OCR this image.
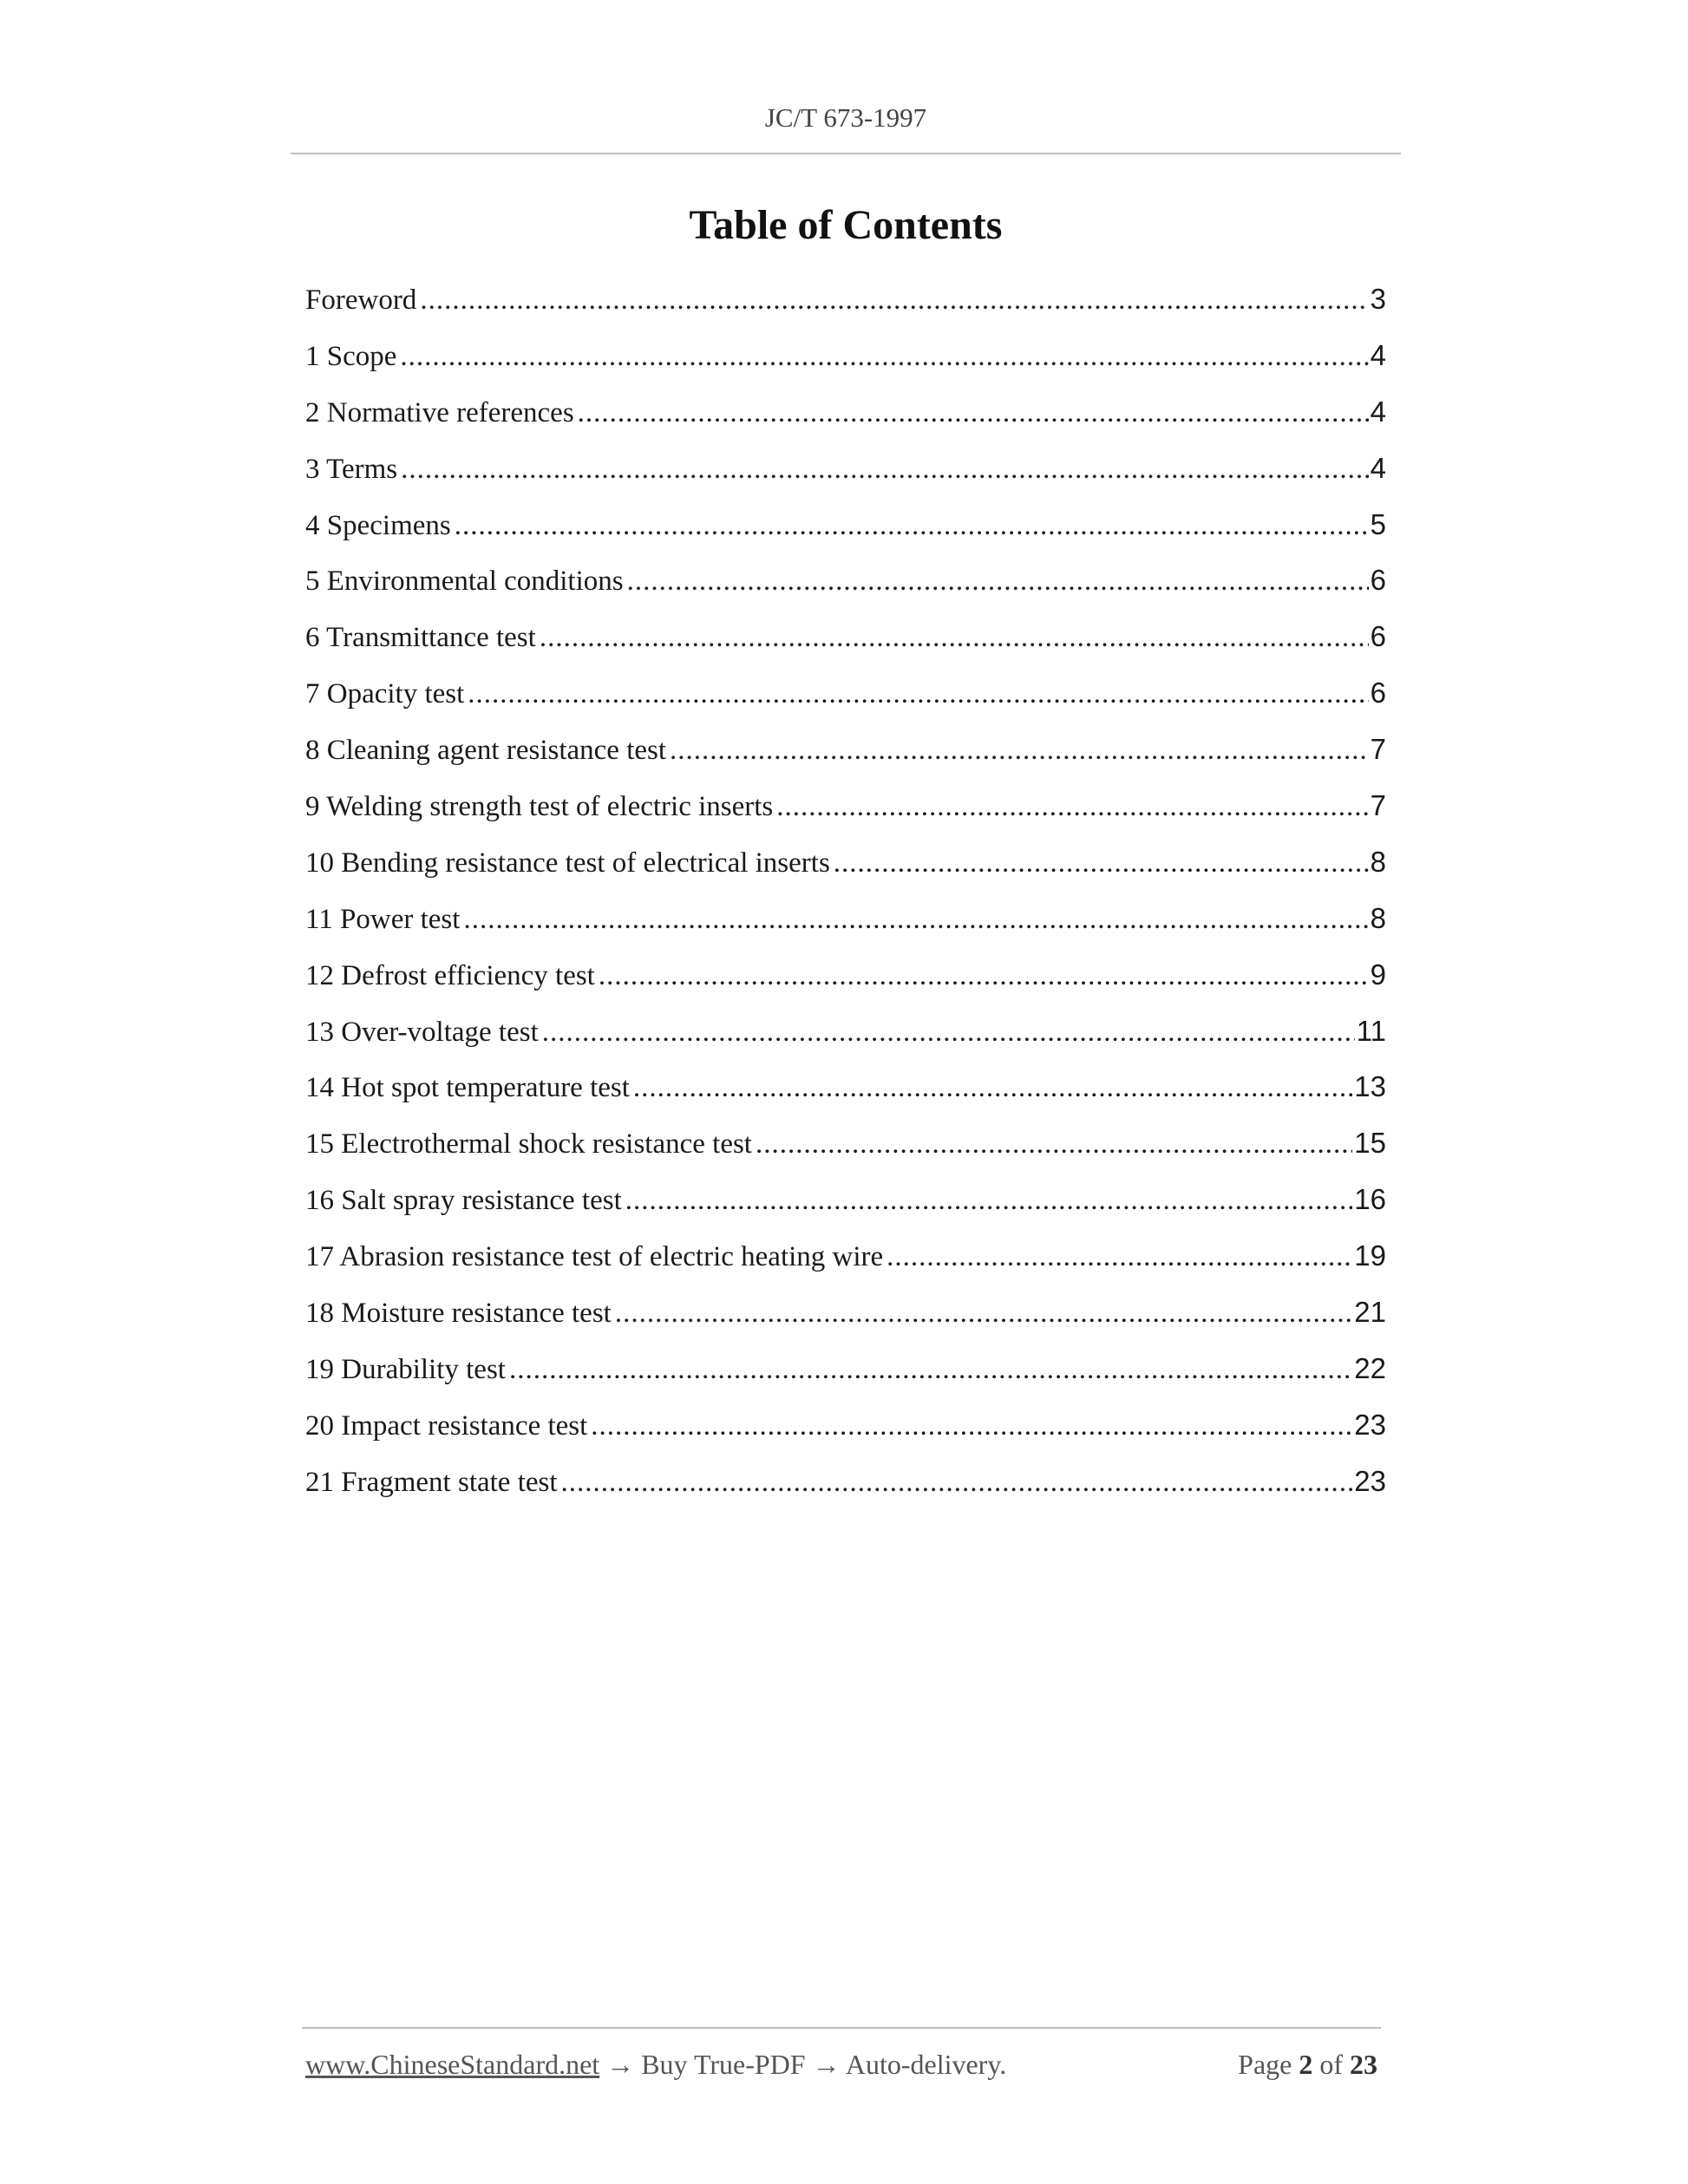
JC/T 673-1997
Table of Contents
Foreword .....	3
1 Scope .....	4
2 Normative references .....	4
3 Terms .....	4
4 Specimens .....	5
5 Environmental conditions .....	6
6 Transmittance test .....	6
7 Opacity test .....	6
8 Cleaning agent resistance test .....	7
9 Welding strength test of electric inserts .....	7
10 Bending resistance test of electrical inserts .....	8
11 Power test .....	8
12 Defrost efficiency test .....	9
13 Over-voltage test .....	11
14 Hot spot temperature test .....	13
15 Electrothermal shock resistance test .....	15
16 Salt spray resistance test .....	16
17 Abrasion resistance test of electric heating wire .....	19
18 Moisture resistance test .....	21
19 Durability test .....	22
20 Impact resistance test .....	23
21 Fragment state test .....	23
www.ChineseStandard.net → Buy True-PDF → Auto-delivery.	Page 2 of 23
